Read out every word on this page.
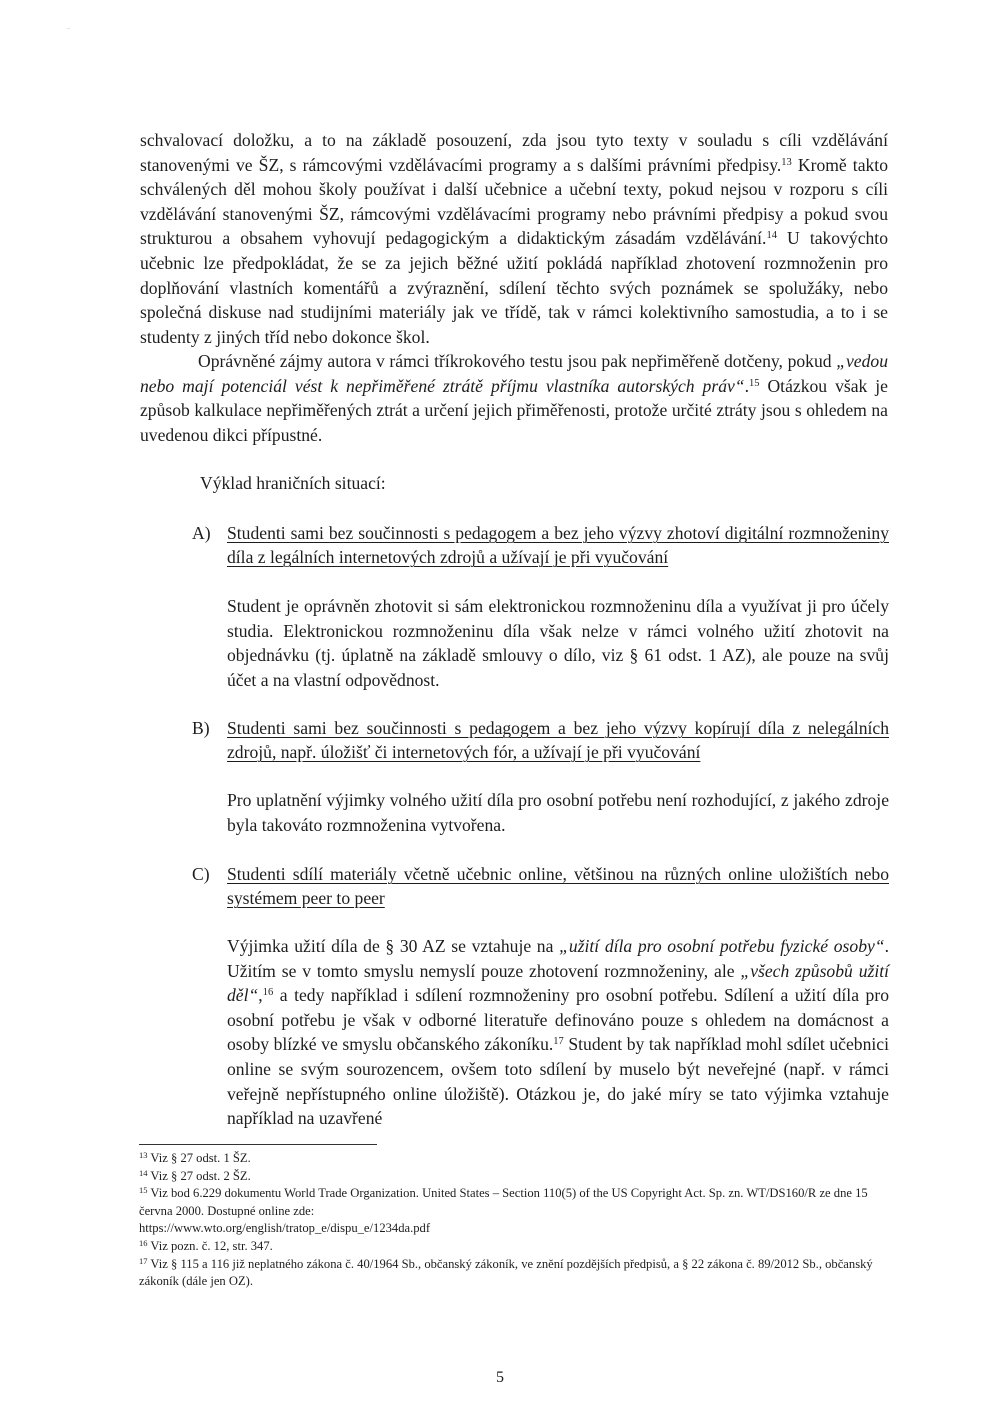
⁻

schvalovací doložku, a to na základě posouzení, zda jsou tyto texty v souladu s cíli vzdělávání stanovenými ve ŠZ, s rámcovými vzdělávacími programy a s dalšími právními předpisy.$^{13}$ Kromě takto schválených děl mohou školy používat i další učebnice a učební texty, pokud nejsou v rozporu s cíli vzdělávání stanovenými ŠZ, rámcovými vzdělávacími programy nebo právními předpisy a pokud svou strukturou a obsahem vyhovují pedagogickým a didaktickým zásadám vzdělávání.$^{14}$ U takovýchto učebnic lze předpokládat, že se za jejich běžné užití pokládá například zhotovení rozmnoženin pro doplňování vlastních komentářů a zvýraznění, sdílení těchto svých poznámek se spolužáky, nebo společná diskuse nad studijními materiály jak ve třídě, tak v rámci kolektivního samostudia, a to i se studenty z jiných tříd nebo dokonce škol.

Oprávněné zájmy autora v rámci tříkrokového testu jsou pak nepřiměřeně dotčeny, pokud „vedou nebo mají potenciál vést k nepřiměřené ztrátě příjmu vlastníka autorských práv“.$^{15}$ Otázkou však je způsob kalkulace nepřiměřených ztrát a určení jejich přiměřenosti, protože určité ztráty jsou s ohledem na uvedenou dikci přípustné.

Výklad hraničních situací:

A) Studenti sami bez součinnosti s pedagogem a bez jeho výzvy zhotoví digitální rozmnoženiny díla z legálních internetových zdrojů a užívají je při vyučování

Student je oprávněn zhotovit si sám elektronickou rozmnoženinu díla a využívat ji pro účely studia. Elektronickou rozmnoženinu díla však nelze v rámci volného užití zhotovit na objednávku (tj. úplatně na základě smlouvy o dílo, viz § 61 odst. 1 AZ), ale pouze na svůj účet a na vlastní odpovědnost.

B) Studenti sami bez součinnosti s pedagogem a bez jeho výzvy kopírují díla z nelegálních zdrojů, např. úložišť či internetových fór, a užívají je při vyučování

Pro uplatnění výjimky volného užití díla pro osobní potřebu není rozhodující, z jakého zdroje byla takováto rozmnoženina vytvořena.

C) Studenti sdílí materiály včetně učebnic online, většinou na různých online uložištích nebo systémem peer to peer

Výjimka užití díla de § 30 AZ se vztahuje na „užití díla pro osobní potřebu fyzické osoby“. Užitím se v tomto smyslu nemyslí pouze zhotovení rozmnoženiny, ale „všech způsobů užití děl“,$^{16}$ a tedy například i sdílení rozmnoženiny pro osobní potřebu. Sdílení a užití díla pro osobní potřebu je však v odborné literatuře definováno pouze s ohledem na domácnost a osoby blízké ve smyslu občanského zákoníku.$^{17}$ Student by tak například mohl sdílet učebnici online se svým sourozencem, ovšem toto sdílení by muselo být neveřejné (např. v rámci veřejně nepřístupného online úložiště). Otázkou je, do jaké míry se tato výjimka vztahuje například na uzavřené

$^{13}$ Viz § 27 odst. 1 ŠZ.

$^{14}$ Viz § 27 odst. 2 ŠZ.

$^{15}$ Viz bod 6.229 dokumentu World Trade Organization. United States – Section 110(5) of the US Copyright Act. Sp. zn. WT/DS160/R ze dne 15 června 2000. Dostupné online zde:

https://www.wto.org/english/tratop_e/dispu_e/1234da.pdf

$^{16}$ Viz pozn. č. 12, str. 347.

$^{17}$ Viz § 115 a 116 již neplatného zákona č. 40/1964 Sb., občanský zákoník, ve znění pozdějších předpisů, a § 22 zákona č. 89/2012 Sb., občanský zákoník (dále jen OZ).

5
